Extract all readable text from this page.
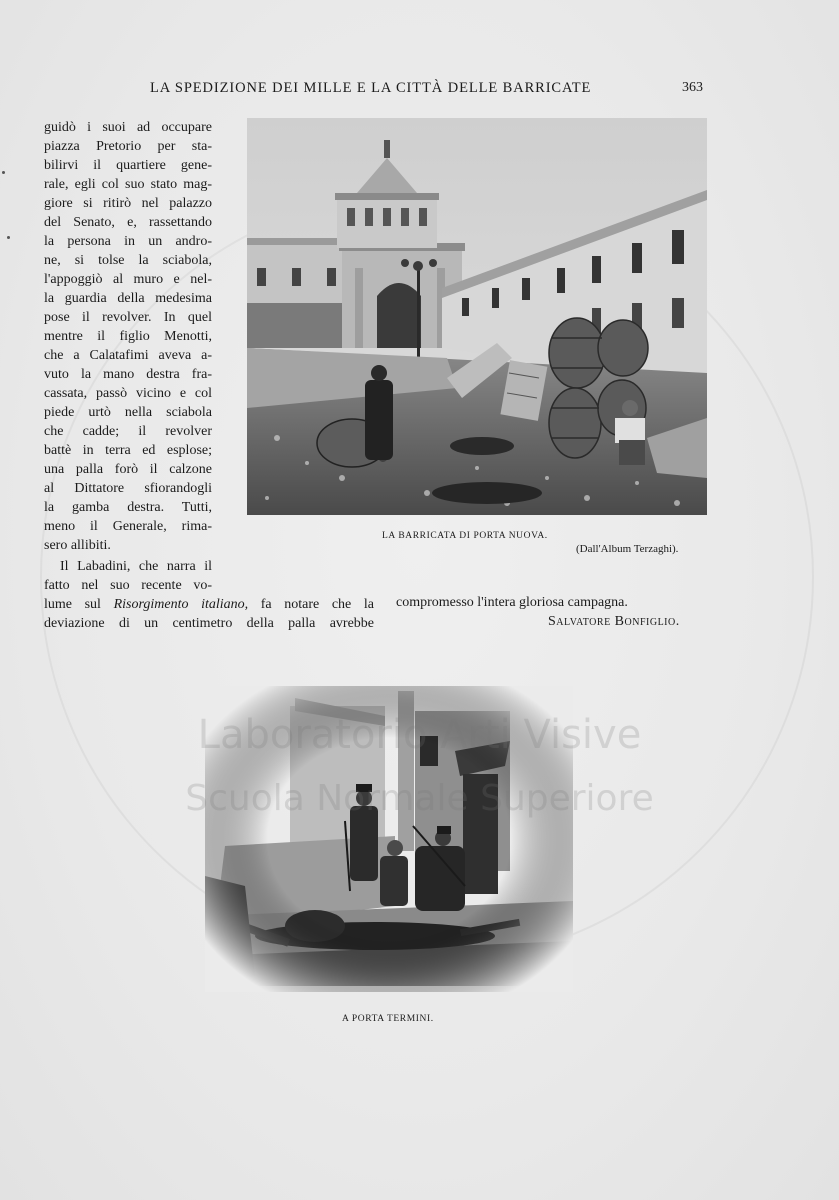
LA SPEDIZIONE DEI MILLE E LA CITTÀ DELLE BARRICATE	363
guidò i suoi ad occupare
piazza Pretorio per sta-
bilirvi il quartiere gene-
rale, egli col suo stato mag-
giore si ritirò nel palazzo
del Senato, e, rassettando
la persona in un andro-
ne, si tolse la sciabola,
l'appoggiò al muro e nel-
la guardia della medesima
pose il revolver. In quel
mentre il figlio Menotti,
che a Calatafimi aveva a-
vuto la mano destra fra-
cassata, passò vicino e col
piede urtò nella sciabola
che cadde; il revolver
battè in terra ed esplose;
una palla forò il calzone
al Dittatore sfiorandogli
la gamba destra. Tutti,
meno il Generale, rima-
sero allibiti.
Il Labadini, che narra il
fatto nel suo recente vo-
lume sul Risorgimento italiano, fa notare che la
deviazione di un centimetro della palla avrebbe
compromesso l'intera gloriosa campagna.
Salvatore Bonfiglio.
LA BARRICATA DI PORTA NUOVA.
(Dall'Album Terzaghi).
A PORTA TERMINI.
Laboratorio Arti Visive
Scuola Normale Superiore
